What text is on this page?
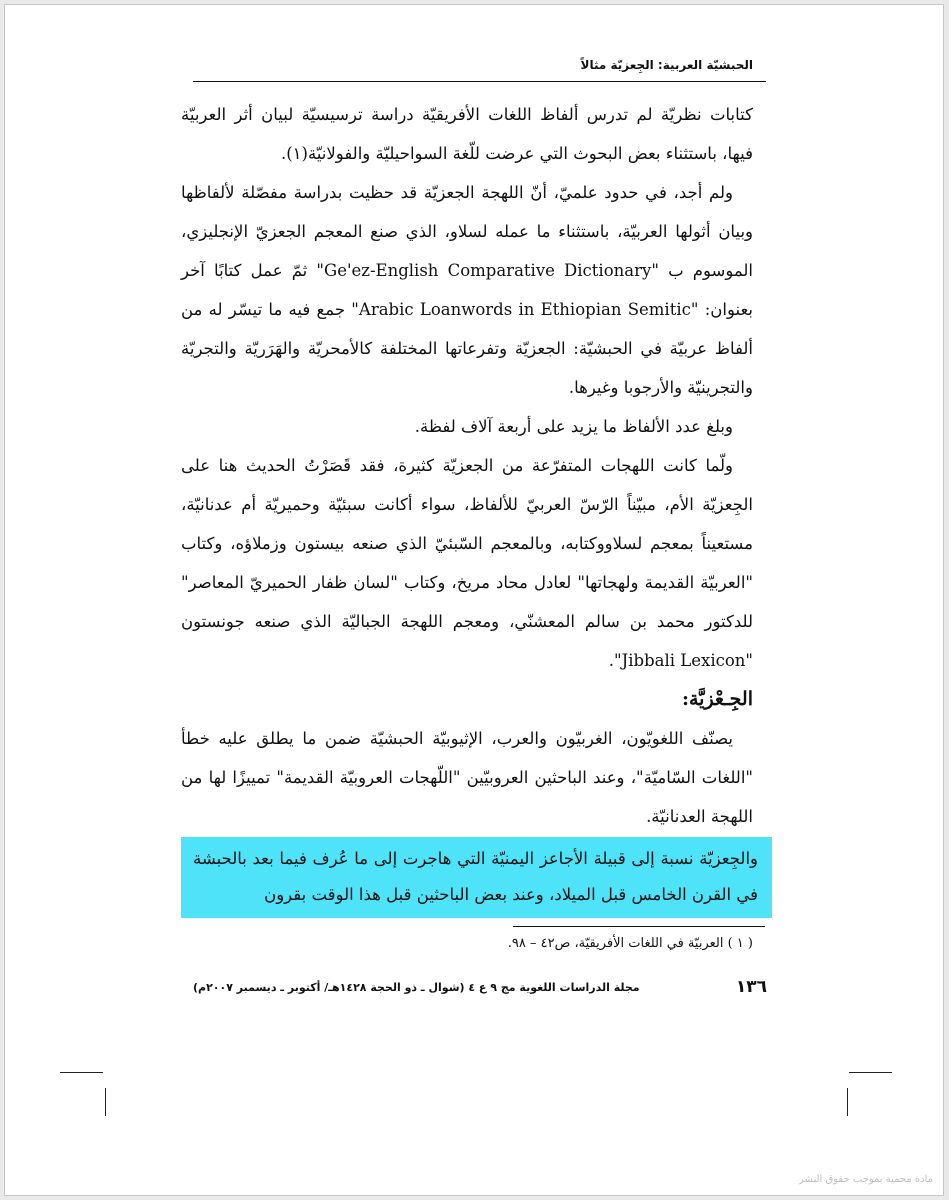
الحبشيّة العربية: الجِعزيّة مثالاً

كتابات نظريّة لم تدرس ألفاظ اللغات الأفريقيّة دراسة ترسيسيّة لبيان أثر العربيّة فيها، باستثناء بعض البحوث التي عرضت للّغة السواحيليّة والفولانيّة(١).

ولم أجد، في حدود علميّ، أنّ اللهجة الجعزيّة قد حظيت بدراسة مفصّلة لألفاظها وبيان أثولها العربيّة، باستثناء ما عمله لسلاو، الذي صنع المعجم الجعزيّ الإنجليزي، الموسوم ب "Ge'ez-English Comparative Dictionary" ثمّ عمل كتابًا آخر بعنوان: "Arabic Loanwords in Ethiopian Semitic" جمع فيه ما تيسّر له من ألفاظ عربيّة في الحبشيّة: الجعزيّة وتفرعاتها المختلفة كالأمحريّة والهَرَريّة والتجريّة والتجرينيّة والأرجوبا وغيرها.

وبلغ عدد الألفاظ ما يزيد على أربعة آلاف لفظة.

ولّما كانت اللهجات المتفرّعة من الجعزيّة كثيرة، فقد قَصَرْتُ الحديث هنا على الجِعزيّة الأم، مبيّناً الرّسّ العربيّ للألفاظ، سواء أكانت سبئيّة وحميريّة أم عدنانيّة، مستعيناً بمعجم لسلاووكتابه، وبالمعجم السّبئيّ الذي صنعه بيستون وزملاؤه، وكتاب "العربيّة القديمة ولهجاتها" لعادل محاد مريخ، وكتاب "لسان ظفار الحميريّ المعاصر" للدكتور محمد بن سالم المعشنّي، ومعجم اللهجة الجباليّة الذي صنعه جونستون "Jibbali Lexicon".

الجِـعْزيَّة:

يصنّف اللغويّون، الغربيّون والعرب، الإثيوبيّة الحبشيّة ضمن ما يطلق عليه خطأ "اللغات السّاميّة"، وعند الباحثين العروبيّين "اللّهجات العروبيّة القديمة" تمييزًا لها من اللهجة العدنانيّة.

والجِعزيّة نسبة إلى قبيلة الأجاعز اليمنيّة التي هاجرت إلى ما عُرف فيما بعد بالحبشة في القرن الخامس قبل الميلاد، وعند بعض الباحثين قبل هذا الوقت بقرون
( ١ ) العربيّة في اللغات الأفريقيّة، ص٤٢ – ٩٨.
١٣٦
مجلة الدراسات اللغوية مج ٩ ع ٤ (شوال ـ ذو الحجة ١٤٢٨هـ/ أكتوبر ـ ديسمبر ٢٠٠٧م)
مادة محمية بموجب حقوق النشر
